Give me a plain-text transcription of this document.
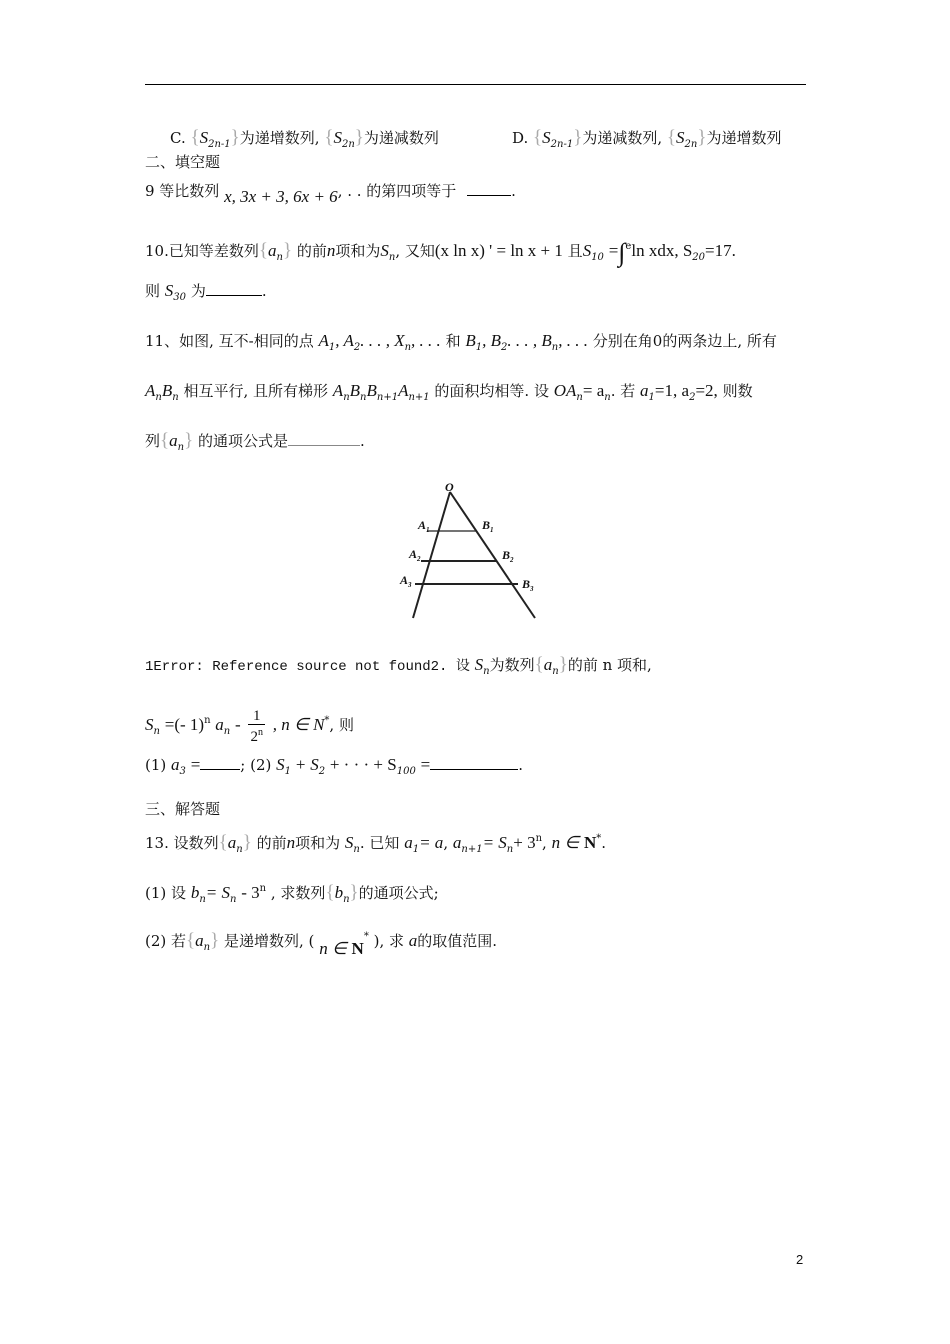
C. $\{S_{2n-1}\}$为递增数列, $\{S_{2n}\}$为递减数列	D. $\{S_{2n-1}\}$为递减数列, $\{S_{2n}\}$为递增数列
二、填空题
9 等比数列 x, 3x + 3, 6x + 6, . . 的第四项等于	.
10.已知等差数列$\{a_n\}$ 的前n项和为$S_n$, 又知(x ln x) ' = ln x + 1 且$S_{10} =\int^e\ln$ xdx, $S_{20}=17$.
则 $S_{30}$ 为	.
11、如图, 互不-相同的点 $A_1$, $A_2$. . . , $X_n$, . . . 和 $B_1$, $B_2$. . . , $B_n$, . . . 分别在角0的两条边上, 所有
$A_nB_n$ 相互平行, 且所有梯形 $A_nB_nB_{n+1}A_{n+1}$ 的面积均相等. 设 $OA_n= a_n$. 若 $a_1=1$, $a_2=2$, 则数
列$\{a_n\}$ 的通项公式是	.
O
$A_1$
$A_2$
$A_3$
$B_1$
$B_2$
$B_3$
1Error: Reference source not found2. 设 $S_n$为数列$\{a_n\}$的前 n 项和,
$S_n$ =(- 1)$^n$ $a_n - \frac{1}{2^n}$ , n ∈ N*, 则
(1) $a_3$ =	; (2) $S_1 + S_2$ + · · · + $S_{100}$ =	.
三、解答题
13. 设数列$\{a_n\}$ 的前n项和为 $S_n$. 已知 $a_1= a$, $a_{n+1}= S_n+ 3^n$, n ∈ N*.
(1) 设 $b_n= S_n - 3^n$ , 求数列$\{b_n\}$的通项公式;
(2) 若$\{a_n\}$ 是递增数列, ( n ∈ N* ), 求 a的取值范围.
2
